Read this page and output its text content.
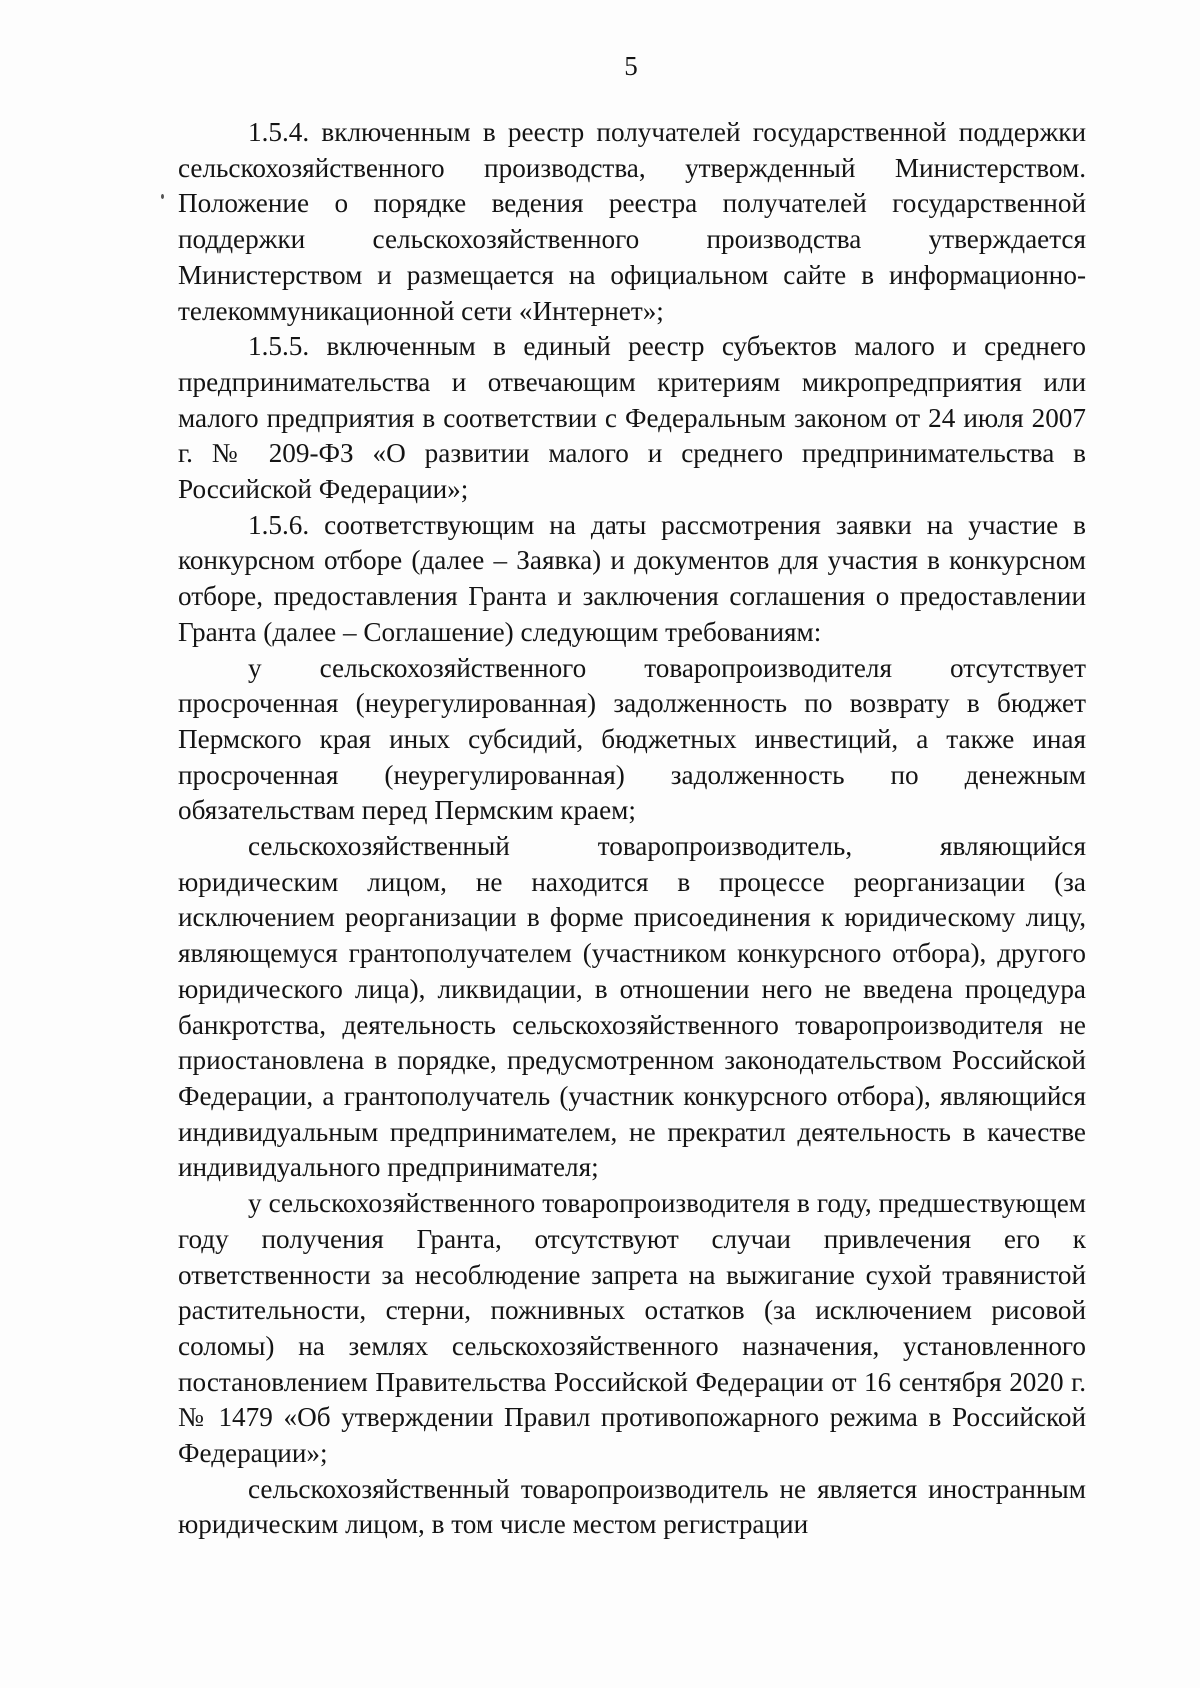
5

1.5.4. включенным в реестр получателей государственной поддержки сельскохозяйственного производства, утвержденный Министерством. Положение о порядке ведения реестра получателей государственной поддержки сельскохозяйственного производства утверждается Министерством и размещается на официальном сайте в информационно-телекоммуникационной сети «Интернет»;

1.5.5. включенным в единый реестр субъектов малого и среднего предпринимательства и отвечающим критериям микропредприятия или малого предприятия в соответствии с Федеральным законом от 24 июля 2007 г. № 209-ФЗ «О развитии малого и среднего предпринимательства в Российской Федерации»;

1.5.6. соответствующим на даты рассмотрения заявки на участие в конкурсном отборе (далее – Заявка) и документов для участия в конкурсном отборе, предоставления Гранта и заключения соглашения о предоставлении Гранта (далее – Соглашение) следующим требованиям:

у сельскохозяйственного товаропроизводителя отсутствует просроченная (неурегулированная) задолженность по возврату в бюджет Пермского края иных субсидий, бюджетных инвестиций, а также иная просроченная (неурегулированная) задолженность по денежным обязательствам перед Пермским краем;

сельскохозяйственный товаропроизводитель, являющийся юридическим лицом, не находится в процессе реорганизации (за исключением реорганизации в форме присоединения к юридическому лицу, являющемуся грантополучателем (участником конкурсного отбора), другого юридического лица), ликвидации, в отношении него не введена процедура банкротства, деятельность сельскохозяйственного товаропроизводителя не приостановлена в порядке, предусмотренном законодательством Российской Федерации, а грантополучатель (участник конкурсного отбора), являющийся индивидуальным предпринимателем, не прекратил деятельность в качестве индивидуального предпринимателя;

у сельскохозяйственного товаропроизводителя в году, предшествующем году получения Гранта, отсутствуют случаи привлечения его к ответственности за несоблюдение запрета на выжигание сухой травянистой растительности, стерни, пожнивных остатков (за исключением рисовой соломы) на землях сельскохозяйственного назначения, установленного постановлением Правительства Российской Федерации от 16 сентября 2020 г. № 1479 «Об утверждении Правил противопожарного режима в Российской Федерации»;

сельскохозяйственный товаропроизводитель не является иностранным юридическим лицом, в том числе местом регистрации
